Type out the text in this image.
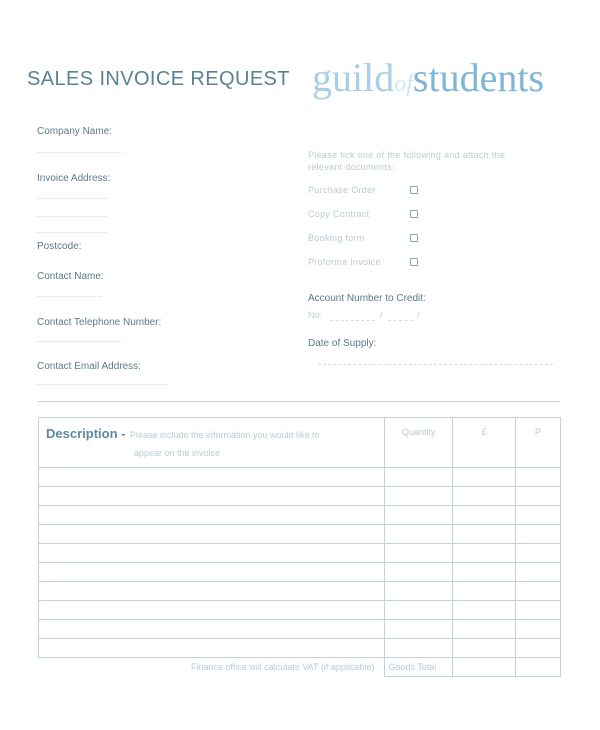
SALES INVOICE REQUEST guildofstudents
Company Name:
Invoice Address:
Postcode:
Contact Name:
Contact Telephone Number:
Contact Email Address:
Please tick one of the following and attach the
relevant documents:
Purchase Order
Copy Contract
Booking form
Proforma Invoice
Account Number to Credit:
No:	/	/
Date of Supply:
Description - Please include the information you would like to
appear on the invoice	Quantity	£	P

Finance office will calculate VAT (if applicable)	Goods Total		
